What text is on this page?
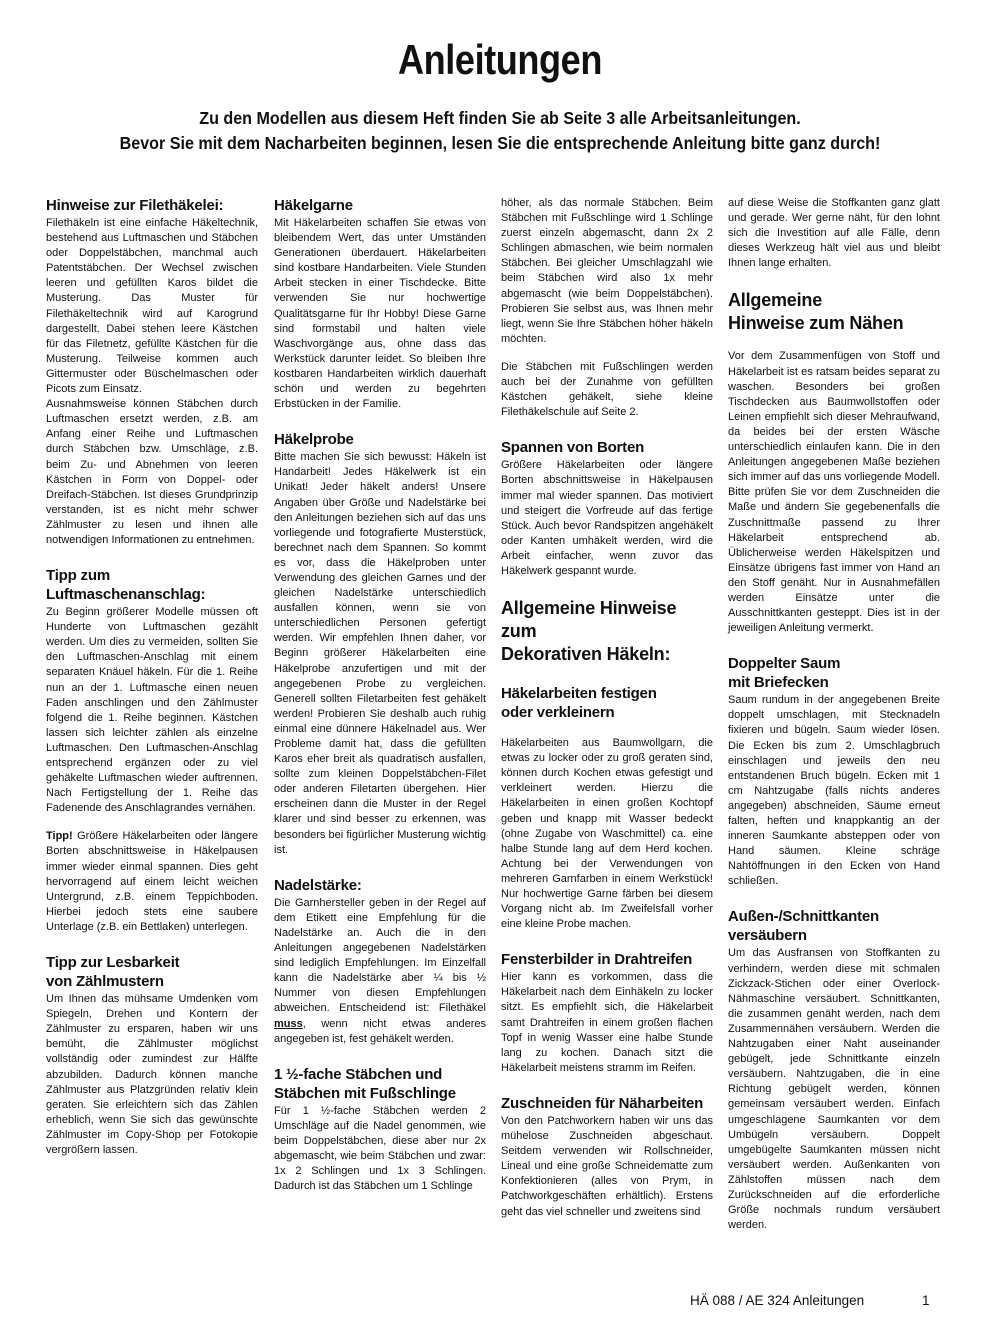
Anleitungen
Zu den Modellen aus diesem Heft finden Sie ab Seite 3 alle Arbeitsanleitungen.
Bevor Sie mit dem Nacharbeiten beginnen, lesen Sie die entsprechende Anleitung bitte ganz durch!
Hinweise zur Filethäkelei:

Filethäkeln ist eine einfache Häkeltechnik, bestehend aus Luftmaschen und Stäbchen oder Doppelstäbchen, manchmal auch Patentstäbchen. Der Wechsel zwischen leeren und gefüllten Karos bildet die Musterung. Das Muster für Filethäkeltechnik wird auf Karogrund dargestellt. Dabei stehen leere Kästchen für das Filetnetz, gefüllte Kästchen für die Musterung. Teilweise kommen auch Gittermuster oder Büschelmaschen oder Picots zum Einsatz.

Ausnahmsweise können Stäbchen durch Luftmaschen ersetzt werden, z.B. am Anfang einer Reihe und Luftmaschen durch Stäbchen bzw. Umschläge, z.B. beim Zu- und Abnehmen von leeren Kästchen in Form von Doppel- oder Dreifach-Stäbchen. Ist dieses Grundprinzip verstanden, ist es nicht mehr schwer Zählmuster zu lesen und ihnen alle notwendigen Informationen zu entnehmen.

Tipp zum
Luftmaschenanschlag:

Zu Beginn größerer Modelle müssen oft Hunderte von Luftmaschen gezählt werden. Um dies zu vermeiden, sollten Sie den Luftmaschen-Anschlag mit einem separaten Knäuel häkeln. Für die 1. Reihe nun an der 1. Luftmasche einen neuen Faden anschlingen und den Zählmuster folgend die 1. Reihe beginnen. Kästchen lassen sich leichter zählen als einzelne Luftmaschen. Den Luftmaschen-Anschlag entsprechend ergänzen oder zu viel gehäkelte Luftmaschen wieder auftrennen. Nach Fertigstellung der 1. Reihe das Fadenende des Anschlagrandes vernähen.

Tipp! Größere Häkelarbeiten oder längere Borten abschnittsweise in Häkelpausen immer wieder einmal spannen. Dies geht hervorragend auf einem leicht weichen Untergrund, z.B. einem Teppichboden. Hierbei jedoch stets eine saubere Unterlage (z.B. ein Bettlaken) unterlegen.

Tipp zur Lesbarkeit
von Zählmustern

Um Ihnen das mühsame Umdenken vom Spiegeln, Drehen und Kontern der Zählmuster zu ersparen, haben wir uns bemüht, die Zählmuster möglichst vollständig oder zumindest zur Hälfte abzubilden. Dadurch können manche Zählmuster aus Platzgründen relativ klein geraten. Sie erleichtern sich das Zählen erheblich, wenn Sie sich das gewünschte Zählmuster im Copy-Shop per Fotokopie vergrößern lassen.

Häkelgarne

Mit Häkelarbeiten schaffen Sie etwas von bleibendem Wert, das unter Umständen Generationen überdauert. Häkelarbeiten sind kostbare Handarbeiten. Viele Stunden Arbeit stecken in einer Tischdecke. Bitte verwenden Sie nur hochwertige Qualitätsgarne für Ihr Hobby! Diese Garne sind formstabil und halten viele Waschvorgänge aus, ohne dass das Werkstück darunter leidet. So bleiben Ihre kostbaren Handarbeiten wirklich dauerhaft schön und werden zu begehrten Erbstücken in der Familie.

Häkelprobe

Bitte machen Sie sich bewusst: Häkeln ist Handarbeit! Jedes Häkelwerk ist ein Unikat! Jeder häkelt anders! Unsere Angaben über Größe und Nadelstärke bei den Anleitungen beziehen sich auf das uns vorliegende und fotografierte Musterstück, berechnet nach dem Spannen. So kommt es vor, dass die Häkelproben unter Verwendung des gleichen Garnes und der gleichen Nadelstärke unterschiedlich ausfallen können, wenn sie von unterschiedlichen Personen gefertigt werden. Wir empfehlen Ihnen daher, vor Beginn größerer Häkelarbeiten eine Häkelprobe anzufertigen und mit der angegebenen Probe zu vergleichen. Generell sollten Filetarbeiten fest gehäkelt werden! Probieren Sie deshalb auch ruhig einmal eine dünnere Häkelnadel aus. Wer Probleme damit hat, dass die gefüllten Karos eher breit als quadratisch ausfallen, sollte zum kleinen Doppelstäbchen-Filet oder anderen Filetarten übergehen. Hier erscheinen dann die Muster in der Regel klarer und sind besser zu erkennen, was besonders bei figürlicher Musterung wichtig ist.

Nadelstärke:

Die Garnhersteller geben in der Regel auf dem Etikett eine Empfehlung für die Nadelstärke an. Auch die in den Anleitungen angegebenen Nadelstärken sind lediglich Empfehlungen. Im Einzelfall kann die Nadelstärke aber ¼ bis ½ Nummer von diesen Empfehlungen abweichen. Entscheidend ist: Filethäkel muss, wenn nicht etwas anderes angegeben ist, fest gehäkelt werden.

1 ½-fache Stäbchen und
Stäbchen mit Fußschlinge

Für 1 ½-fache Stäbchen werden 2 Umschläge auf die Nadel genommen, wie beim Doppelstäbchen, diese aber nur 2x abgemascht, wie beim Stäbchen und zwar: 1x 2 Schlingen und 1x 3 Schlingen. Dadurch ist das Stäbchen um 1 Schlinge

höher, als das normale Stäbchen. Beim Stäbchen mit Fußschlinge wird 1 Schlinge zuerst einzeln abgemascht, dann 2x 2 Schlingen abmaschen, wie beim normalen Stäbchen. Bei gleicher Umschlagzahl wie beim Stäbchen wird also 1x mehr abgemascht (wie beim Doppelstäbchen). Probieren Sie selbst aus, was Ihnen mehr liegt, wenn Sie Ihre Stäbchen höher häkeln möchten.

Die Stäbchen mit Fußschlingen werden auch bei der Zunahme von gefüllten Kästchen gehäkelt, siehe kleine Filethäkelschule auf Seite 2.

Spannen von Borten

Größere Häkelarbeiten oder längere Borten abschnittsweise in Häkelpausen immer mal wieder spannen. Das motiviert und steigert die Vorfreude auf das fertige Stück. Auch bevor Randspitzen angehäkelt oder Kanten umhäkelt werden, wird die Arbeit einfacher, wenn zuvor das Häkelwerk gespannt wurde.

Allgemeine Hinweise zum
Dekorativen Häkeln:
Häkelarbeiten festigen
oder verkleinern

Häkelarbeiten aus Baumwollgarn, die etwas zu locker oder zu groß geraten sind, können durch Kochen etwas gefestigt und verkleinert werden. Hierzu die Häkelarbeiten in einen großen Kochtopf geben und knapp mit Wasser bedeckt (ohne Zugabe von Waschmittel) ca. eine halbe Stunde lang auf dem Herd kochen. Achtung bei der Verwendungen von mehreren Garnfarben in einem Werkstück! Nur hochwertige Garne färben bei diesem Vorgang nicht ab. Im Zweifelsfall vorher eine kleine Probe machen.

Fensterbilder in Drahtreifen

Hier kann es vorkommen, dass die Häkelarbeit nach dem Einhäkeln zu locker sitzt. Es empfiehlt sich, die Häkelarbeit samt Drahtreifen in einem großen flachen Topf in wenig Wasser eine halbe Stunde lang zu kochen. Danach sitzt die Häkelarbeit meistens stramm im Reifen.

Zuschneiden für Näharbeiten

Von den Patchworkern haben wir uns das mühelose Zuschneiden abgeschaut. Seitdem verwenden wir Rollschneider, Lineal und eine große Schneidematte zum Konfektionieren (alles von Prym, in Patchworkgeschäften erhältlich). Erstens geht das viel schneller und zweitens sind

auf diese Weise die Stoffkanten ganz glatt und gerade. Wer gerne näht, für den lohnt sich die Investition auf alle Fälle, denn dieses Werkzeug hält viel aus und bleibt Ihnen lange erhalten.

Allgemeine
Hinweise zum Nähen

Vor dem Zusammenfügen von Stoff und Häkelarbeit ist es ratsam beides separat zu waschen. Besonders bei großen Tischdecken aus Baumwollstoffen oder Leinen empfiehlt sich dieser Mehraufwand, da beides bei der ersten Wäsche unterschiedlich einlaufen kann. Die in den Anleitungen angegebenen Maße beziehen sich immer auf das uns vorliegende Modell. Bitte prüfen Sie vor dem Zuschneiden die Maße und ändern Sie gegebenenfalls die Zuschnittmaße passend zu Ihrer Häkelarbeit entsprechend ab. Üblicherweise werden Häkelspitzen und Einsätze übrigens fast immer von Hand an den Stoff genäht. Nur in Ausnahmefällen werden Einsätze unter die Ausschnittkanten gesteppt. Dies ist in der jeweiligen Anleitung vermerkt.

Doppelter Saum
mit Briefecken

Saum rundum in der angegebenen Breite doppelt umschlagen, mit Stecknadeln fixieren und bügeln. Saum wieder lösen. Die Ecken bis zum 2. Umschlagbruch einschlagen und jeweils den neu entstandenen Bruch bügeln. Ecken mit 1 cm Nahtzugabe (falls nichts anderes angegeben) abschneiden, Säume erneut falten, heften und knappkantig an der inneren Saumkante absteppen oder von Hand säumen. Kleine schräge Nahtöffnungen in den Ecken von Hand schließen.

Außen-/Schnittkanten
versäubern

Um das Ausfransen von Stoffkanten zu verhindern, werden diese mit schmalen Zickzack-Stichen oder einer Overlock-Nähmaschine versäubert. Schnittkanten, die zusammen genäht werden, nach dem Zusammennähen versäubern. Werden die Nahtzugaben einer Naht auseinander gebügelt, jede Schnittkante einzeln versäubern. Nahtzugaben, die in eine Richtung gebügelt werden, können gemeinsam versäubert werden. Einfach umgeschlagene Saumkanten vor dem Umbügeln versäubern. Doppelt umgebügelte Saumkanten müssen nicht versäubert werden. Außenkanten von Zählstoffen müssen nach dem Zurückschneiden auf die erforderliche Größe nochmals rundum versäubert werden.

HÄ 088 / AE 324 Anleitungen	1
